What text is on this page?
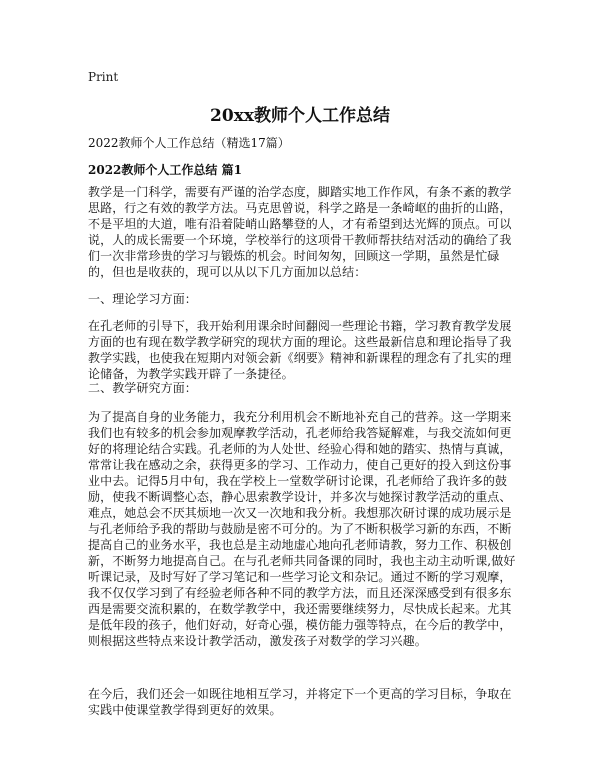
Print
20xx教师个人工作总结
2022教师个人工作总结（精选17篇）
2022教师个人工作总结 篇1

教学是一门科学，需要有严谨的治学态度，脚踏实地工作作风，有条不紊的教学思路，行之有效的教学方法。马克思曾说，科学之路是一条崎岖的曲折的山路，不是平坦的大道，唯有沿着陡峭山路攀登的人，才有希望到达光辉的顶点。可以说，人的成长需要一个环境，学校举行的这项骨干教师帮扶结对活动的确给了我们一次非常珍贵的学习与锻炼的机会。时间匆匆，回顾这一学期，虽然是忙碌的，但也是收获的，现可以从以下几方面加以总结：

一、理论学习方面：

在孔老师的引导下，我开始利用课余时间翻阅一些理论书籍，学习教育教学发展方面的也有现在数学教学研究的现状方面的理论。这些最新信息和理论指导了我教学实践，也使我在短期内对领会新《纲要》精神和新课程的理念有了扎实的理论储备，为教学实践开辟了一条捷径。

二、教学研究方面：

为了提高自身的业务能力，我充分利用机会不断地补充自己的营养。这一学期来我们也有较多的机会参加观摩教学活动，孔老师给我答疑解难，与我交流如何更好的将理论结合实践。孔老师的为人处世、经验心得和她的踏实、热情与真诚，常常让我在感动之余，获得更多的学习、工作动力，使自己更好的投入到这份事业中去。记得5月中旬，我在学校上一堂数学研讨论课，孔老师给了我许多的鼓励，使我不断调整心态，静心思索教学设计，并多次与她探讨教学活动的重点、难点，她总会不厌其烦地一次又一次地和我分析。我想那次研讨课的成功展示是与孔老师给予我的帮助与鼓励是密不可分的。为了不断积极学习新的东西，不断提高自己的业务水平，我也总是主动地虚心地向孔老师请教，努力工作、积极创新，不断努力地提高自己。在与孔老师共同备课的同时，我也主动主动听课,做好听课记录，及时写好了学习笔记和一些学习论文和杂记。通过不断的学习观摩，我不仅仅学习到了有经验老师各种不同的教学方法，而且还深深感受到有很多东西是需要交流积累的，在数学教学中，我还需要继续努力，尽快成长起来。尤其是低年段的孩子，他们好动，好奇心强，模仿能力强等特点，在今后的教学中，则根据这些特点来设计教学活动，激发孩子对数学的学习兴趣。

在今后，我们还会一如既往地相互学习，并将定下一个更高的学习目标，争取在实践中使课堂教学得到更好的效果。
